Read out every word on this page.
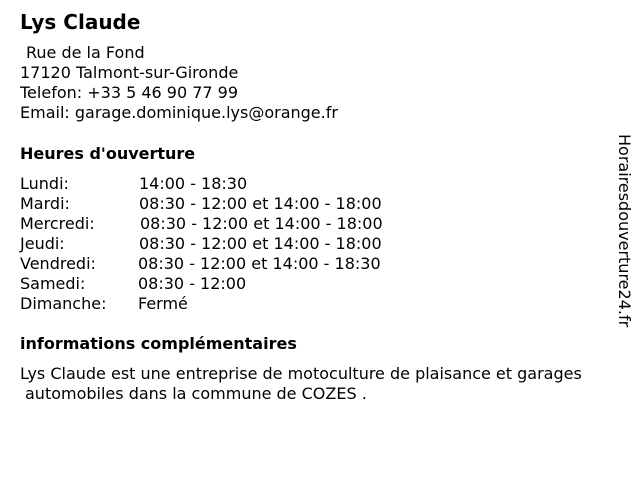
Lys Claude
Rue de la Fond
17120 Talmont-sur-Gironde
Telefon: +33 5 46 90 77 99
Email: garage.dominique.lys@orange.fr
Heures d'ouverture
Lundi:	14:00 - 18:30
Mardi:	08:30 - 12:00 et 14:00 - 18:00
Mercredi:	08:30 - 12:00 et 14:00 - 18:00
Jeudi:	08:30 - 12:00 et 14:00 - 18:00
Vendredi:	08:30 - 12:00 et 14:00 - 18:30
Samedi:	08:30 - 12:00
Dimanche: Fermé
informations complémentaires
Lys Claude est une entreprise de motoculture de plaisance et garages
automobiles dans la commune de COZES .
Horairesdouverture24.fr
